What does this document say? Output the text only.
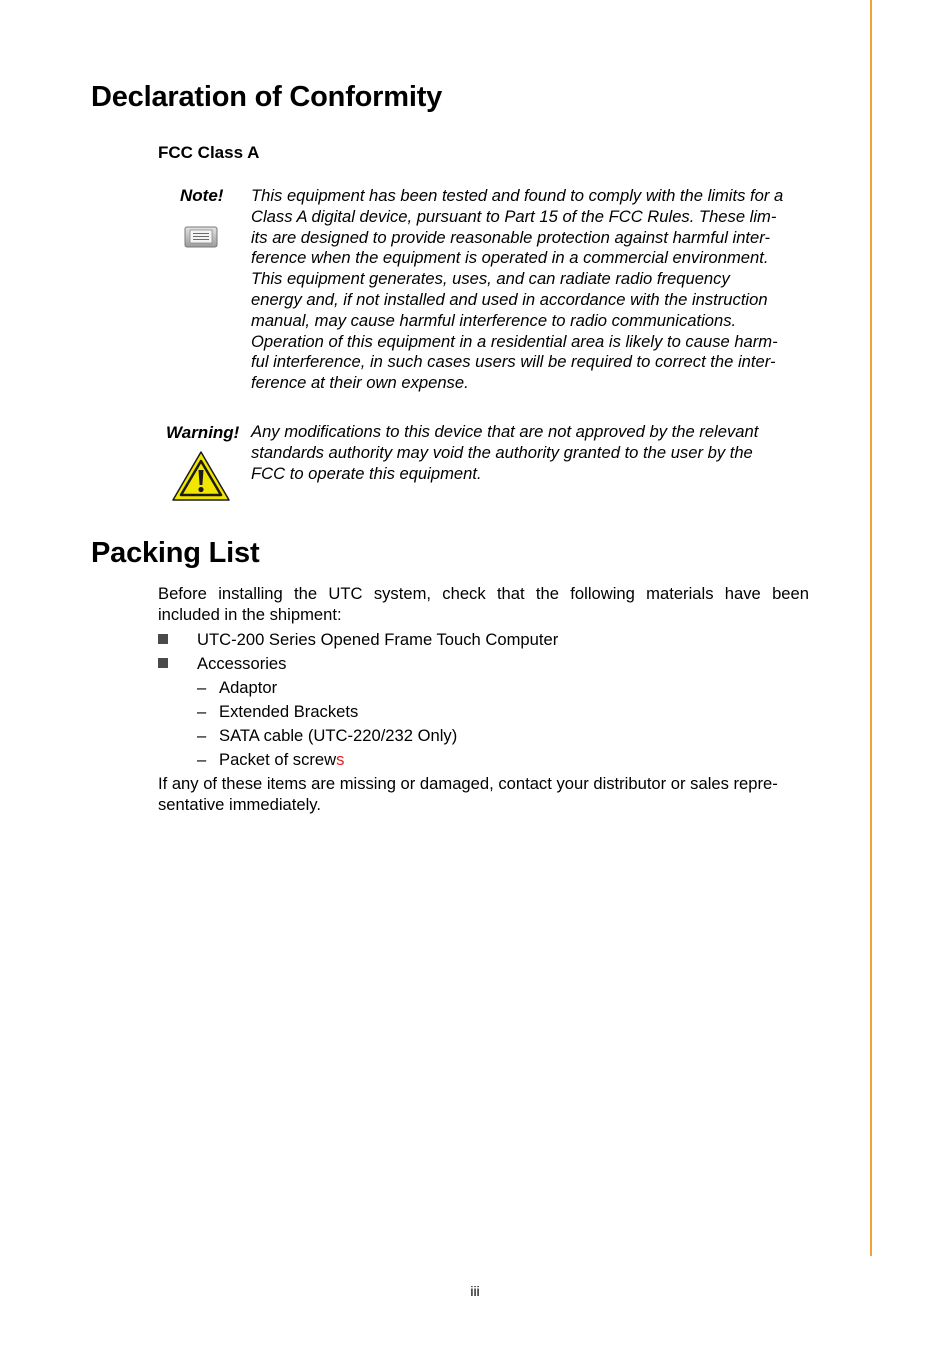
Declaration of Conformity
FCC Class A
Note! This equipment has been tested and found to comply with the limits for a
Class A digital device, pursuant to Part 15 of the FCC Rules. These lim-
its are designed to provide reasonable protection against harmful inter-
ference when the equipment is operated in a commercial environment.
This equipment generates, uses, and can radiate radio frequency
energy and, if not installed and used in accordance with the instruction
manual, may cause harmful interference to radio communications.
Operation of this equipment in a residential area is likely to cause harm-
ful interference, in such cases users will be required to correct the inter-
ference at their own expense.
Warning! Any modifications to this device that are not approved by the relevant
standards authority may void the authority granted to the user by the
FCC to operate this equipment.
Packing List
Before installing the UTC system, check that the following materials have been
included in the shipment:
UTC-200 Series Opened Frame Touch Computer
Accessories
– Adaptor
– Extended Brackets
– SATA cable (UTC-220/232 Only)
– Packet of screws
If any of these items are missing or damaged, contact your distributor or sales repre-
sentative immediately.
iii
